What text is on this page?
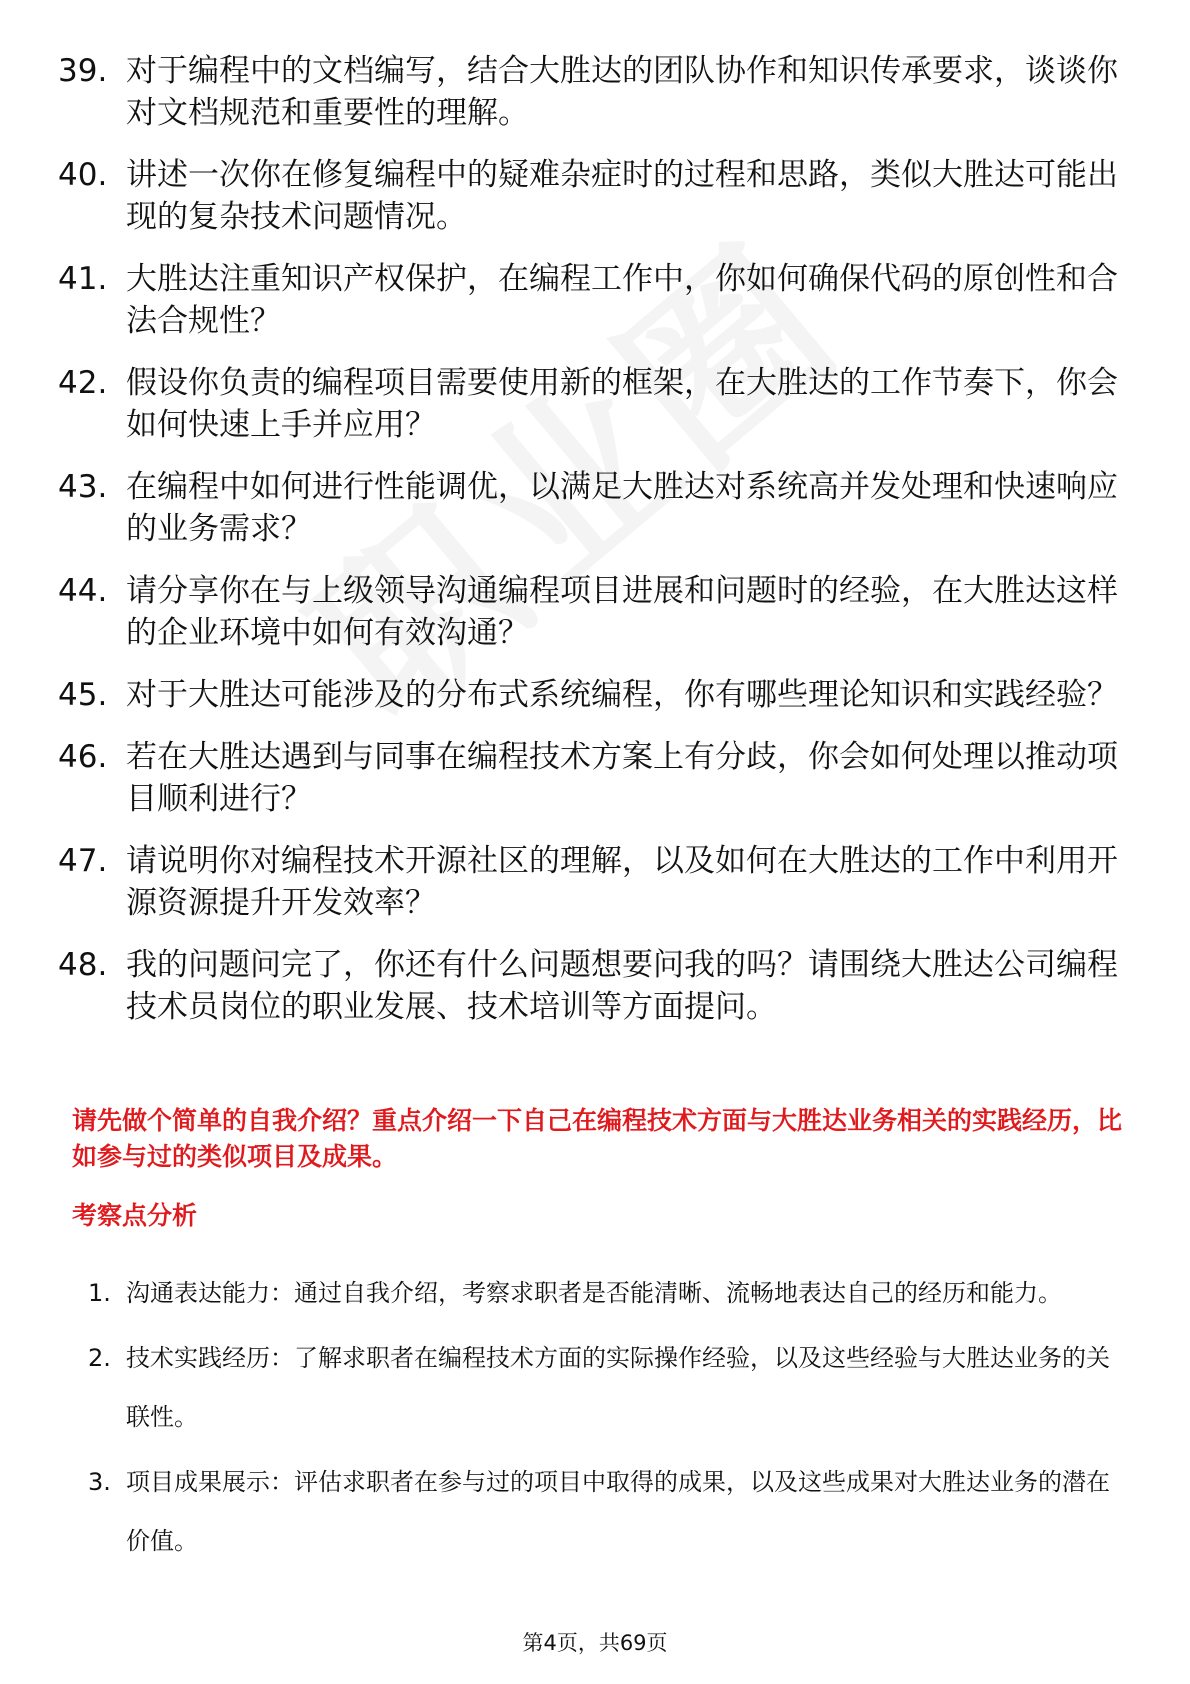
39. 对于编程中的文档编写，结合大胜达的团队协作和知识传承要求，谈谈你对文档规范和重要性的理解。
40. 讲述一次你在修复编程中的疑难杂症时的过程和思路，类似大胜达可能出现的复杂技术问题情况。
41. 大胜达注重知识产权保护，在编程工作中，你如何确保代码的原创性和合法合规性？
42. 假设你负责的编程项目需要使用新的框架，在大胜达的工作节奏下，你会如何快速上手并应用？
43. 在编程中如何进行性能调优，以满足大胜达对系统高并发处理和快速响应的业务需求？
44. 请分享你在与上级领导沟通编程项目进展和问题时的经验，在大胜达这样的企业环境中如何有效沟通？
45. 对于大胜达可能涉及的分布式系统编程，你有哪些理论知识和实践经验？
46. 若在大胜达遇到与同事在编程技术方案上有分歧，你会如何处理以推动项目顺利进行？
47. 请说明你对编程技术开源社区的理解，以及如何在大胜达的工作中利用开源资源提升开发效率？
48. 我的问题问完了，你还有什么问题想要问我的吗？请围绕大胜达公司编程技术员岗位的职业发展、技术培训等方面提问。
请先做个简单的自我介绍？重点介绍一下自己在编程技术方面与大胜达业务相关的实践经历，比如参与过的类似项目及成果。
考察点分析
1. 沟通表达能力：通过自我介绍，考察求职者是否能清晰、流畅地表达自己的经历和能力。
2. 技术实践经历：了解求职者在编程技术方面的实际操作经验，以及这些经验与大胜达业务的关联性。
3. 项目成果展示：评估求职者在参与过的项目中取得的成果，以及这些成果对大胜达业务的潜在价值。
第4页，共69页
